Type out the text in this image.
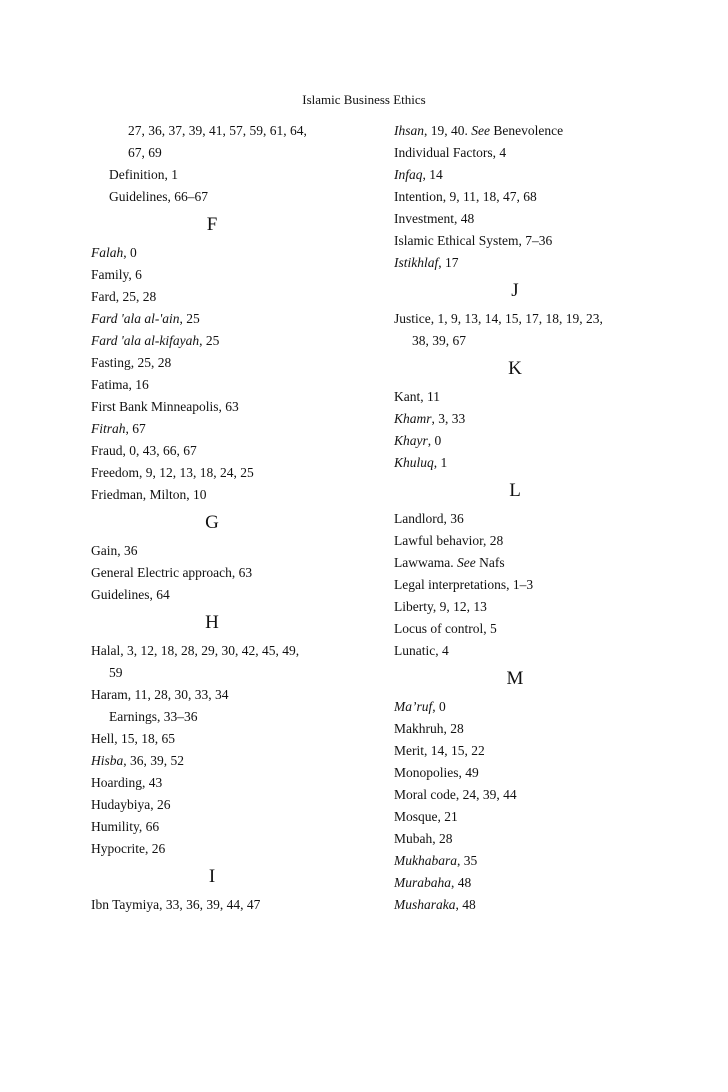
Islamic Business Ethics
27, 36, 37, 39, 41, 57, 59, 61, 64,
67, 69
Definition, 1
Guidelines, 66–67
F
Falah, 0
Family, 6
Fard, 25, 28
Fard 'ala al-'ain, 25
Fard 'ala al-kifayah, 25
Fasting, 25, 28
Fatima, 16
First Bank Minneapolis, 63
Fitrah, 67
Fraud, 0, 43, 66, 67
Freedom, 9, 12, 13, 18, 24, 25
Friedman, Milton, 10
G
Gain, 36
General Electric approach, 63
Guidelines, 64
H
Halal, 3, 12, 18, 28, 29, 30, 42, 45, 49,
59
Haram, 11, 28, 30, 33, 34
Earnings, 33–36
Hell, 15, 18, 65
Hisba, 36, 39, 52
Hoarding, 43
Hudaybiya, 26
Humility, 66
Hypocrite, 26
I
Ibn Taymiya, 33, 36, 39, 44, 47
Ihsan, 19, 40. See Benevolence
Individual Factors, 4
Infaq, 14
Intention, 9, 11, 18, 47, 68
Investment, 48
Islamic Ethical System, 7–36
Istikhlaf, 17
J
Justice, 1, 9, 13, 14, 15, 17, 18, 19, 23,
38, 39, 67
K
Kant, 11
Khamr, 3, 33
Khayr, 0
Khuluq, 1
L
Landlord, 36
Lawful behavior, 28
Lawwama. See Nafs
Legal interpretations, 1–3
Liberty, 9, 12, 13
Locus of control, 5
Lunatic, 4
M
Ma’ruf, 0
Makhruh, 28
Merit, 14, 15, 22
Monopolies, 49
Moral code, 24, 39, 44
Mosque, 21
Mubah, 28
Mukhabara, 35
Murabaha, 48
Musharaka, 48
